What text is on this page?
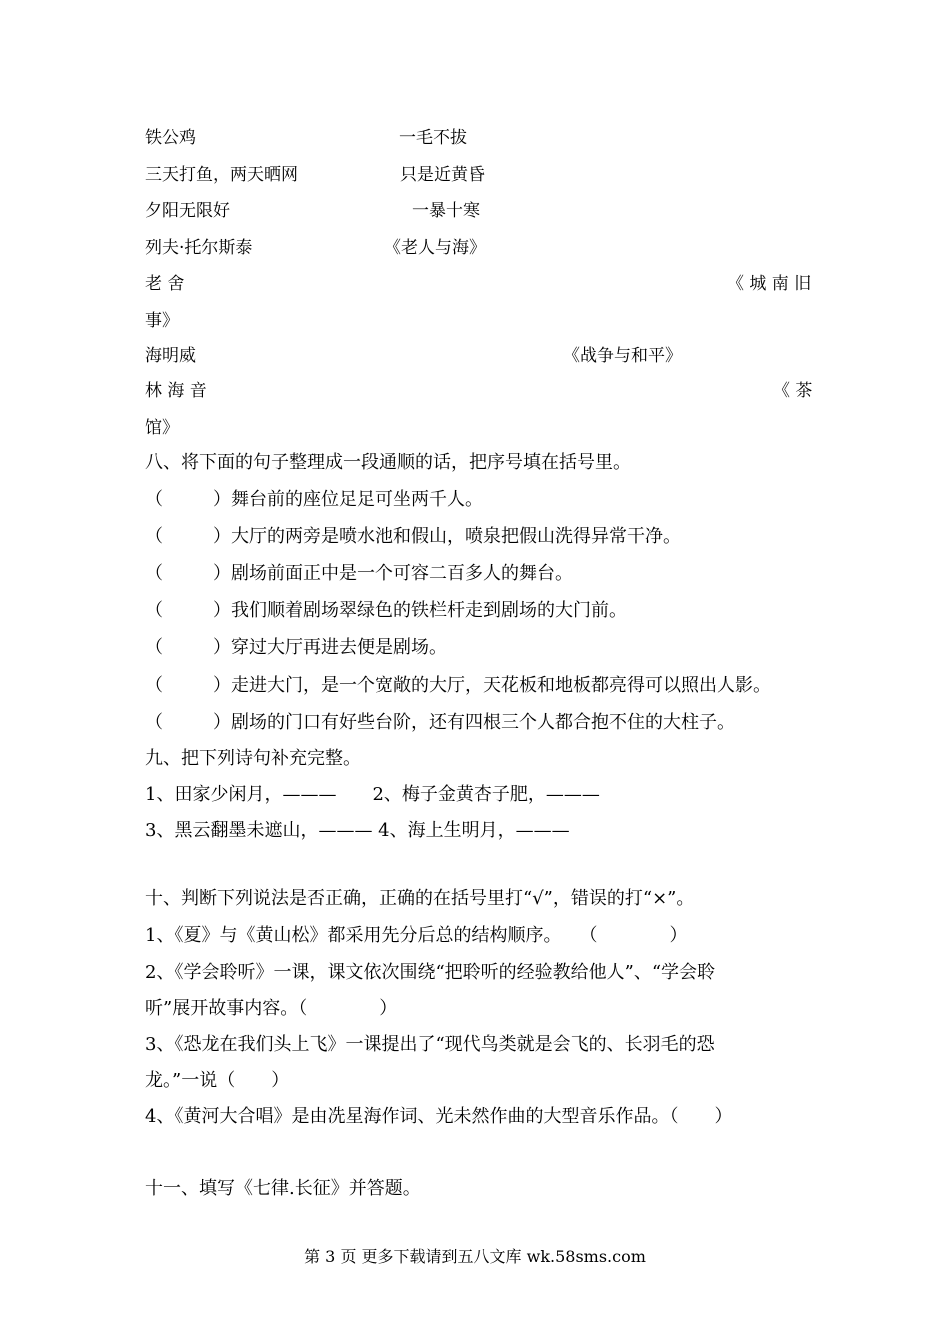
铁公鸡	一毛不拔
三天打鱼，两天晒网	只是近黄昏
夕阳无限好	一暴十寒
列夫·托尔斯泰	《老人与海》
老 舍	《 城 南 旧
事》
海明威	《战争与和平》
林 海 音	《 茶
馆》
八、将下面的句子整理成一段通顺的话，把序号填在括号里。
（	）舞台前的座位足足可坐两千人。
（	）大厅的两旁是喷水池和假山，喷泉把假山洗得异常干净。
（	）剧场前面正中是一个可容二百多人的舞台。
（	）我们顺着剧场翠绿色的铁栏杆走到剧场的大门前。
（	）穿过大厅再进去便是剧场。
（	）走进大门，是一个宽敞的大厅，天花板和地板都亮得可以照出人影。
（	）剧场的门口有好些台阶，还有四根三个人都合抱不住的大柱子。
九、把下列诗句补充完整。
1、田家少闲月，———　　2、梅子金黄杏子肥，———
3、黑云翻墨未遮山，——— 4、海上生明月，———
十、判断下列说法是否正确，正确的在括号里打“√”，错误的打“×”。
1、《夏》与《黄山松》都采用先分后总的结构顺序。　　（　　　　）
2、《学会聆听》一课，课文依次围绕“把聆听的经验教给他人”、“学会聆
听”展开故事内容。（　　　　）
3、《恐龙在我们头上飞》一课提出了“现代鸟类就是会飞的、长羽毛的恐
龙。”一说（　　）
4、《黄河大合唱》是由冼星海作词、光未然作曲的大型音乐作品。（　　）
十一、填写《七律.长征》并答题。
第 3 页 更多下载请到五八文库 wk.58sms.com
